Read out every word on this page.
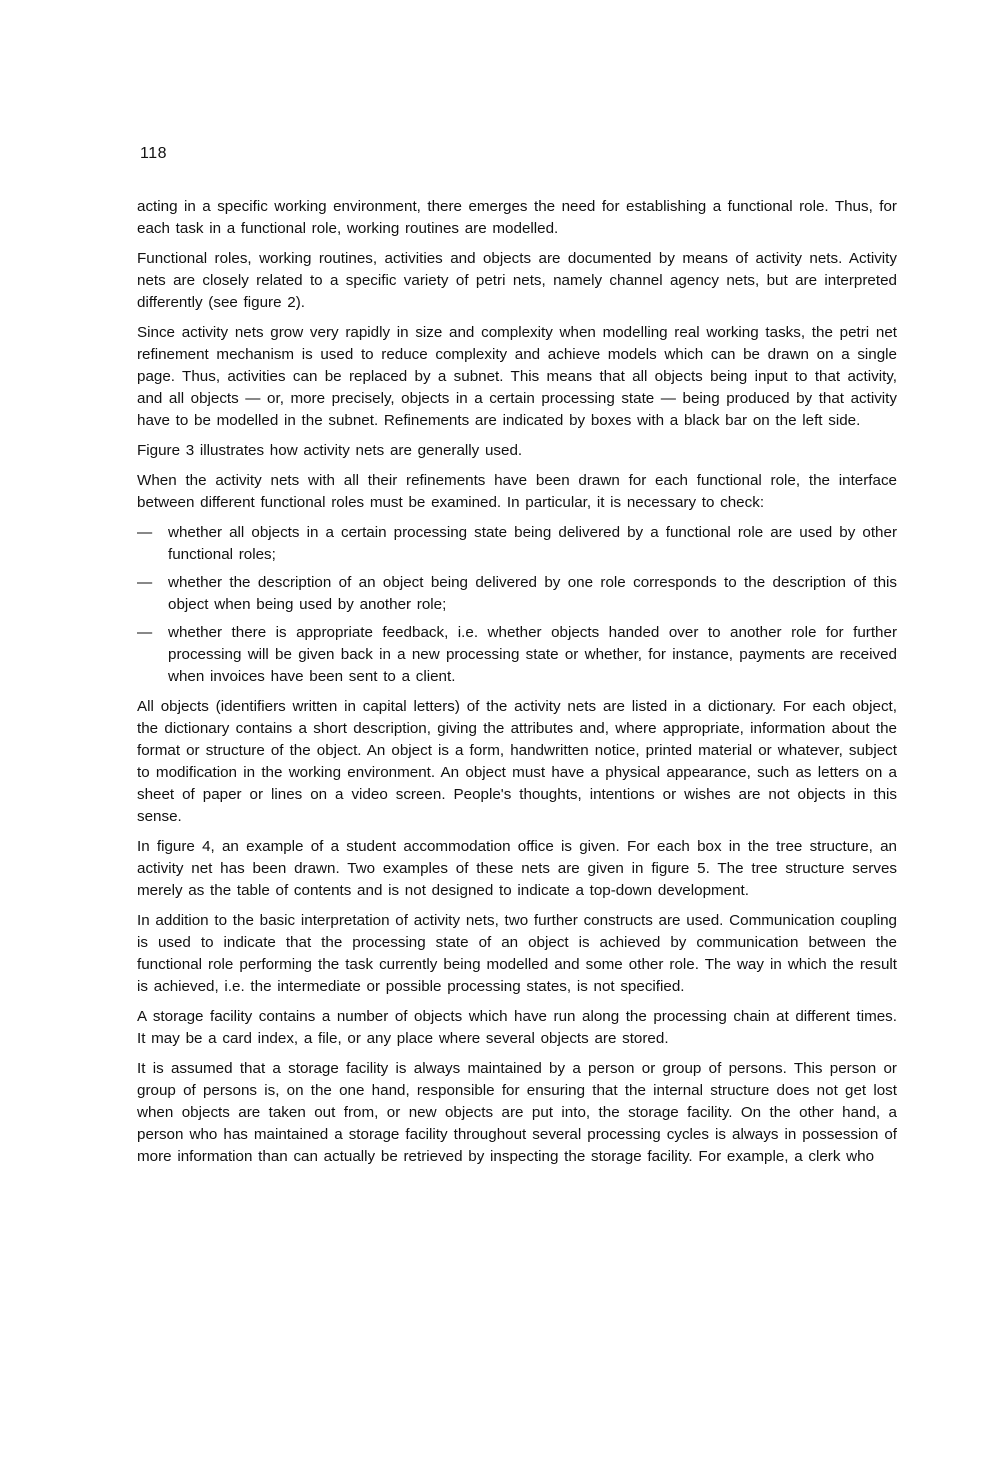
118

acting in a specific working environment, there emerges the need for establishing a functional role. Thus, for each task in a functional role, working routines are modelled.

Functional roles, working routines, activities and objects are documented by means of activity nets. Activity nets are closely related to a specific variety of petri nets, namely channel agency nets, but are interpreted differently (see figure 2).

Since activity nets grow very rapidly in size and complexity when modelling real working tasks, the petri net refinement mechanism is used to reduce complexity and achieve models which can be drawn on a single page. Thus, activities can be replaced by a subnet. This means that all objects being input to that activity, and all objects — or, more precisely, objects in a certain processing state — being produced by that activity have to be modelled in the subnet. Refinements are indicated by boxes with a black bar on the left side.

Figure 3 illustrates how activity nets are generally used.

When the activity nets with all their refinements have been drawn for each functional role, the interface between different functional roles must be examined. In particular, it is necessary to check:

— whether all objects in a certain processing state being delivered by a functional role are used by other functional roles;
— whether the description of an object being delivered by one role corresponds to the description of this object when being used by another role;
— whether there is appropriate feedback, i.e. whether objects handed over to another role for further processing will be given back in a new processing state or whether, for instance, payments are received when invoices have been sent to a client.

All objects (identifiers written in capital letters) of the activity nets are listed in a dictionary. For each object, the dictionary contains a short description, giving the attributes and, where appropriate, information about the format or structure of the object. An object is a form, handwritten notice, printed material or whatever, subject to modification in the working environment. An object must have a physical appearance, such as letters on a sheet of paper or lines on a video screen. People's thoughts, intentions or wishes are not objects in this sense.

In figure 4, an example of a student accommodation office is given. For each box in the tree structure, an activity net has been drawn. Two examples of these nets are given in figure 5. The tree structure serves merely as the table of contents and is not designed to indicate a top-down development.

In addition to the basic interpretation of activity nets, two further constructs are used. Communication coupling is used to indicate that the processing state of an object is achieved by communication between the functional role performing the task currently being modelled and some other role. The way in which the result is achieved, i.e. the intermediate or possible processing states, is not specified.

A storage facility contains a number of objects which have run along the processing chain at different times. It may be a card index, a file, or any place where several objects are stored.

It is assumed that a storage facility is always maintained by a person or group of persons. This person or group of persons is, on the one hand, responsible for ensuring that the internal structure does not get lost when objects are taken out from, or new objects are put into, the storage facility. On the other hand, a person who has maintained a storage facility throughout several processing cycles is always in possession of more information than can actually be retrieved by inspecting the storage facility. For example, a clerk who
